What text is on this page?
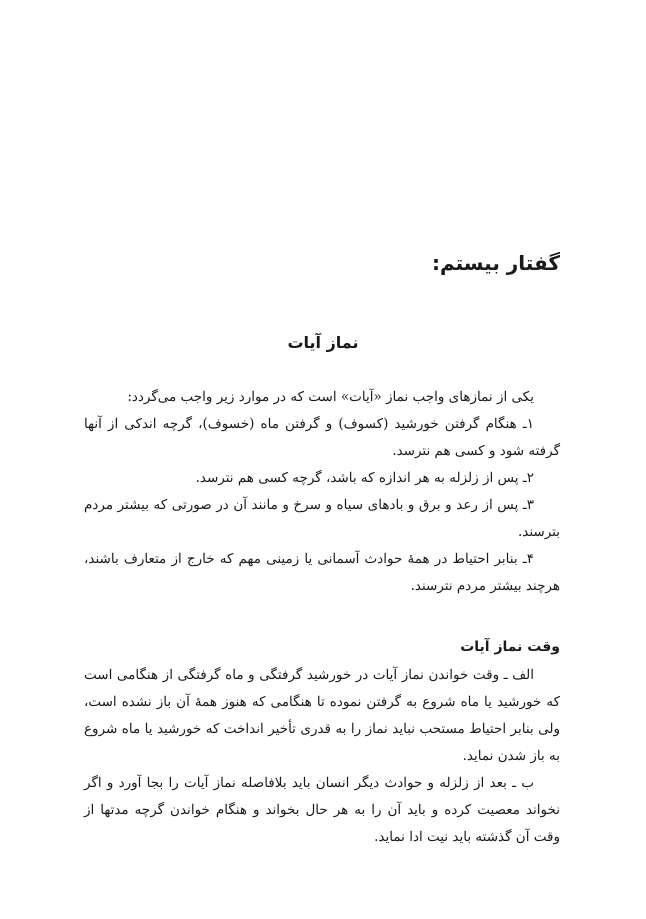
گفتار بیستم:
نماز آیات

یکی از نمازهای واجب نماز «آیات» است که در موارد زیر واجب می‌گردد:

۱ـ هنگام گرفتن خورشید (کسوف) و گرفتن ماه (خسوف)، گرچه اندکی از آنها گرفته شود و کسی هم نترسد.

۲ـ پس از زلزله به هر اندازه که باشد، گرچه کسی هم نترسد.

۳ـ پس از رعد و برق و بادهای سیاه و سرخ و مانند آن در صورتی که بیشتر مردم بترسند.

۴ـ بنابر احتیاط در همهٔ حوادث آسمانی یا زمینی مهم که خارج از متعارف باشند، هرچند بیشتر مردم نترسند.

وقت نماز آیات

الف ـ وقت خواندن نماز آیات در خورشید گرفتگی و ماه گرفتگی از هنگامی است که خورشید یا ماه شروع به گرفتن نموده تا هنگامی که هنوز همهٔ آن باز نشده است، ولی بنابر احتیاط مستحب نباید نماز را به قدری تأخیر انداخت که خورشید یا ماه شروع به باز شدن نماید.

ب ـ بعد از زلزله و حوادث دیگر انسان باید بلافاصله نماز آیات را بجا آورد و اگر نخواند معصیت کرده و باید آن را به هر حال بخواند و هنگام خواندن گرچه مدتها از وقت آن گذشته باید نیت ادا نماید.
